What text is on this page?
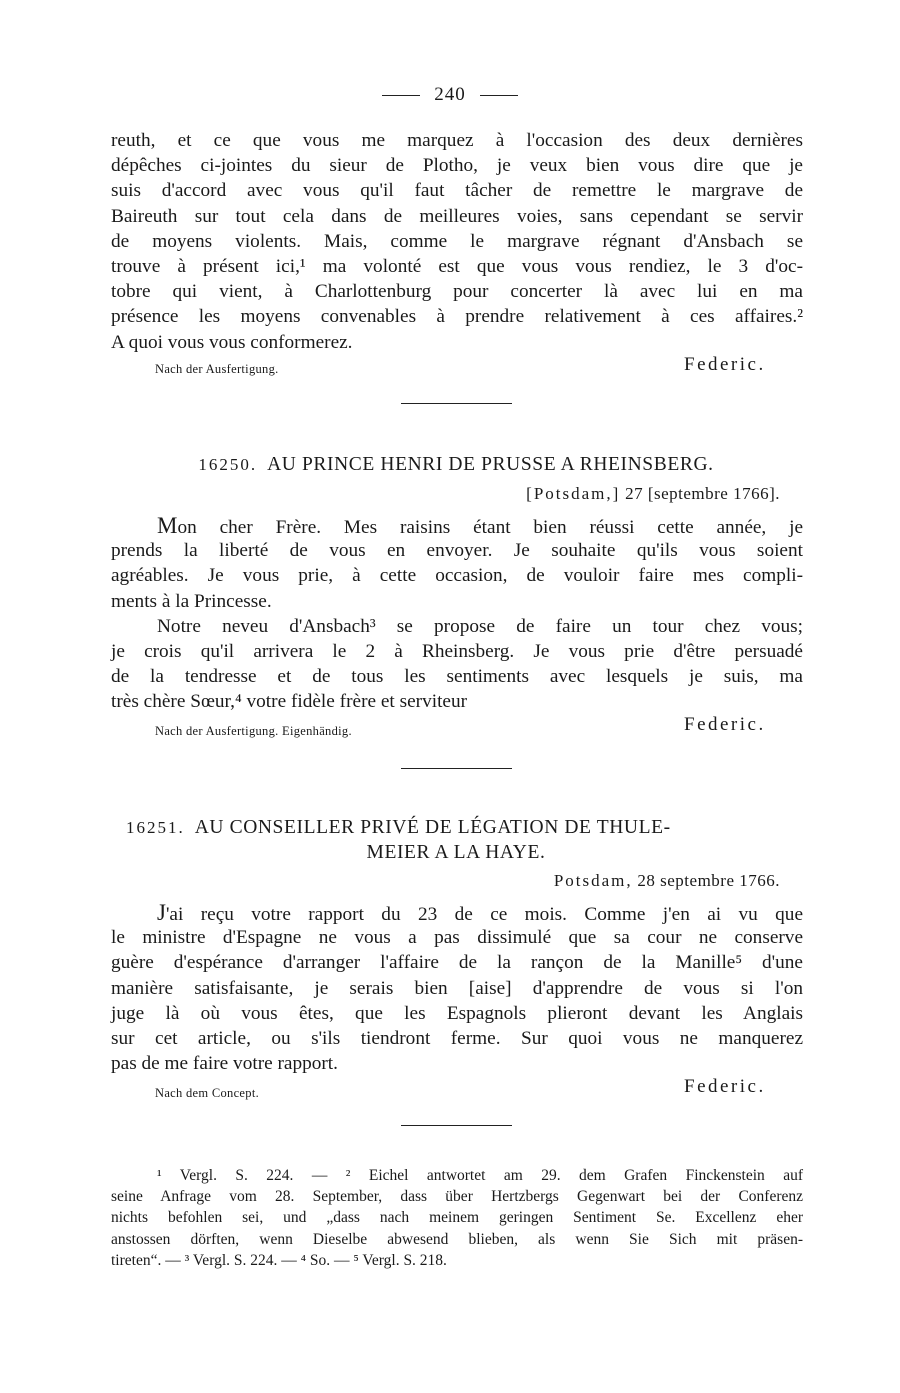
240
reuth, et ce que vous me marquez à l'occasion des deux dernières
dépêches ci-jointes du sieur de Plotho, je veux bien vous dire que je
suis d'accord avec vous qu'il faut tâcher de remettre le margrave de
Baireuth sur tout cela dans de meilleures voies, sans cependant se servir
de moyens violents. Mais, comme le margrave régnant d'Ansbach se
trouve à présent ici,¹ ma volonté est que vous vous rendiez, le 3 d'oc-
tobre qui vient, à Charlottenburg pour concerter là avec lui en ma
présence les moyens convenables à prendre relativement à ces affaires.²
A quoi vous vous conformerez.
Nach der Ausfertigung.	Federic.
16250. AU PRINCE HENRI DE PRUSSE A RHEINSBERG.
[Potsdam,] 27 [septembre 1766].
Mon cher Frère. Mes raisins étant bien réussi cette année, je
prends la liberté de vous en envoyer. Je souhaite qu'ils vous soient
agréables. Je vous prie, à cette occasion, de vouloir faire mes compli-
ments à la Princesse.
Notre neveu d'Ansbach³ se propose de faire un tour chez vous;
je crois qu'il arrivera le 2 à Rheinsberg. Je vous prie d'être persuadé
de la tendresse et de tous les sentiments avec lesquels je suis, ma
très chère Sœur,⁴ votre fidèle frère et serviteur
Nach der Ausfertigung. Eigenhändig.	Federic.
16251. AU CONSEILLER PRIVÉ DE LÉGATION DE THULE-
MEIER A LA HAYE.
Potsdam, 28 septembre 1766.
J'ai reçu votre rapport du 23 de ce mois. Comme j'en ai vu que
le ministre d'Espagne ne vous a pas dissimulé que sa cour ne conserve
guère d'espérance d'arranger l'affaire de la rançon de la Manille⁵ d'une
manière satisfaisante, je serais bien [aise] d'apprendre de vous si l'on
juge là où vous êtes, que les Espagnols plieront devant les Anglais
sur cet article, ou s'ils tiendront ferme. Sur quoi vous ne manquerez
pas de me faire votre rapport.
Nach dem Concept.	Federic.
¹ Vergl. S. 224. — ² Eichel antwortet am 29. dem Grafen Finckenstein auf
seine Anfrage vom 28. September, dass über Hertzbergs Gegenwart bei der Conferenz
nichts befohlen sei, und „dass nach meinem geringen Sentiment Se. Excellenz eher
anstossen dörften, wenn Dieselbe abwesend blieben, als wenn Sie Sich mit präsen-
tireten“. — ³ Vergl. S. 224. — ⁴ So. — ⁵ Vergl. S. 218.
